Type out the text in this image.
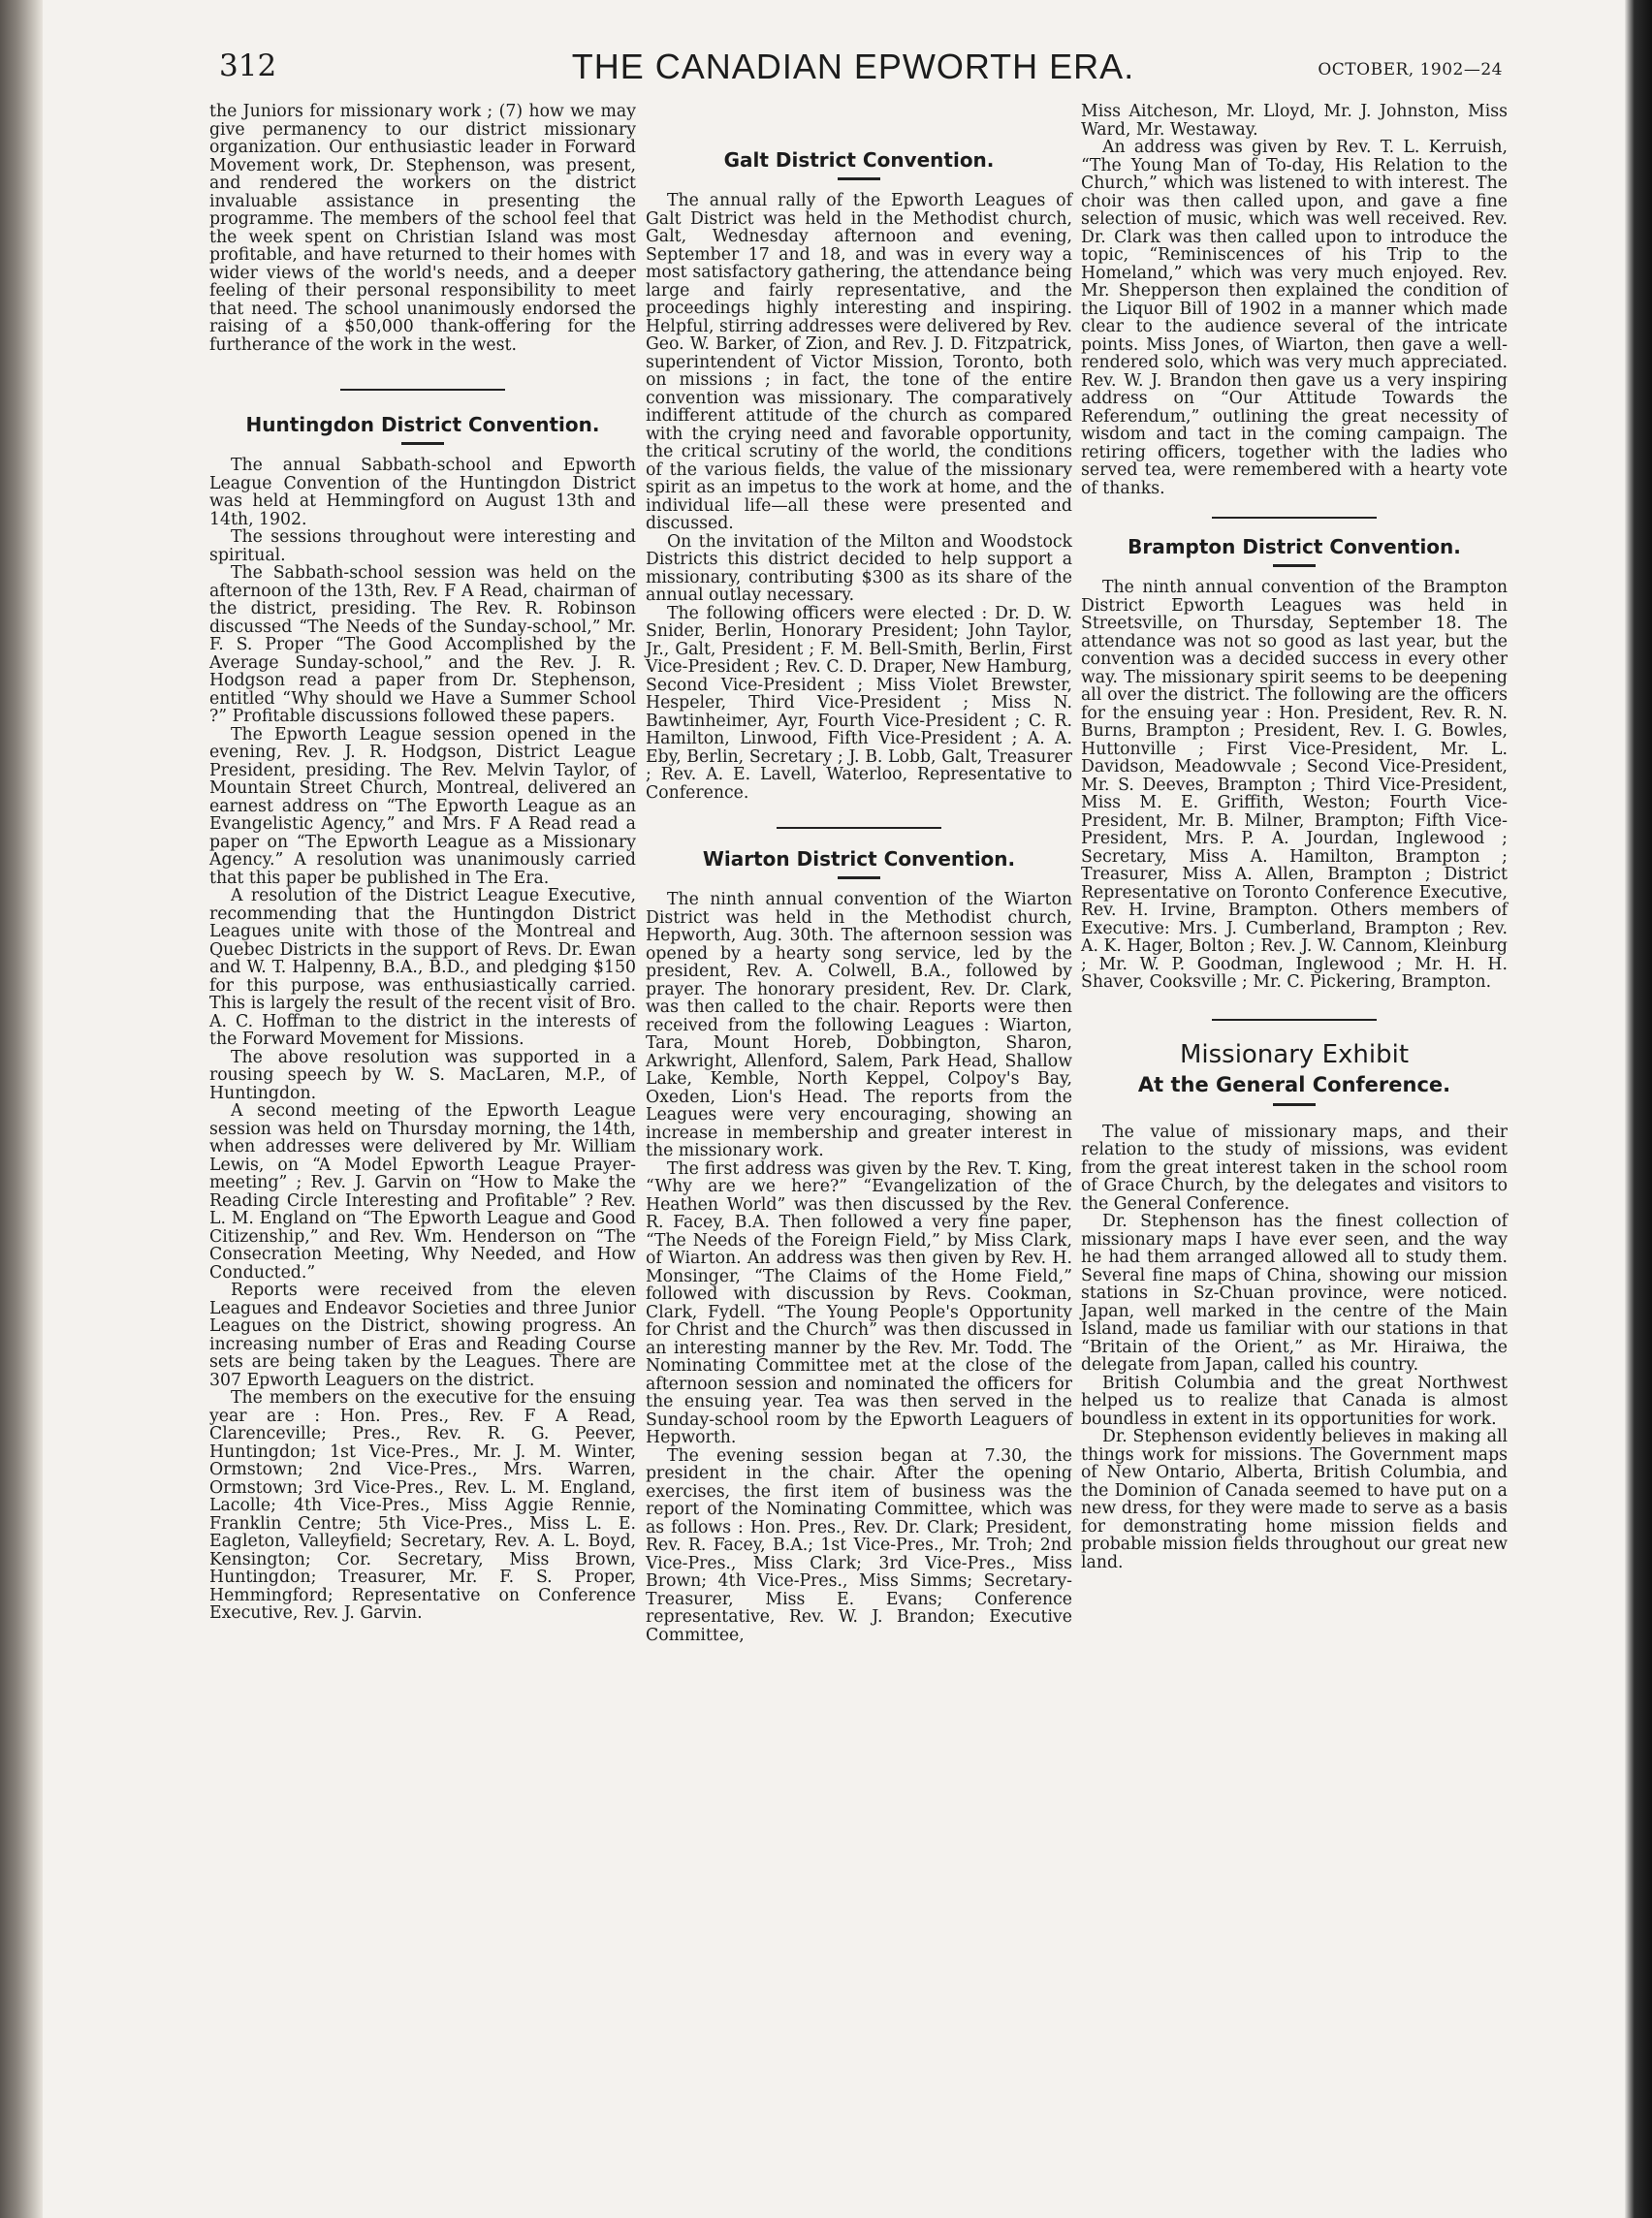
312	THE CANADIAN EPWORTH ERA.	OCTOBER, 1902—24

the Juniors for missionary work ; (7) how we may give permanency to our district missionary organization. Our enthusiastic leader in Forward Movement work, Dr. Stephenson, was present, and rendered the workers on the district invaluable assistance in presenting the programme. The members of the school feel that the week spent on Christian Island was most profitable, and have returned to their homes with wider views of the world's needs, and a deeper feeling of their personal responsibility to meet that need. The school unanimously endorsed the raising of a $50,000 thank-offering for the furtherance of the work in the west.

Huntingdon District Convention.

The annual Sabbath-school and Epworth League Convention of the Huntingdon District was held at Hemmingford on August 13th and 14th, 1902.

The sessions throughout were interesting and spiritual.

The Sabbath-school session was held on the afternoon of the 13th, Rev. F A Read, chairman of the district, presiding. The Rev. R. Robinson discussed “The Needs of the Sunday-school,” Mr. F. S. Proper “The Good Accomplished by the Average Sunday-school,” and the Rev. J. R. Hodgson read a paper from Dr. Stephenson, entitled “Why should we Have a Summer School ?” Profitable discussions followed these papers.

The Epworth League session opened in the evening, Rev. J. R. Hodgson, District League President, presiding. The Rev. Melvin Taylor, of Mountain Street Church, Montreal, delivered an earnest address on “The Epworth League as an Evangelistic Agency,” and Mrs. F A Read read a paper on “The Epworth League as a Missionary Agency.” A resolution was unanimously carried that this paper be published in The Era.

A resolution of the District League Executive, recommending that the Huntingdon District Leagues unite with those of the Montreal and Quebec Districts in the support of Revs. Dr. Ewan and W. T. Halpenny, B.A., B.D., and pledging $150 for this purpose, was enthusiastically carried. This is largely the result of the recent visit of Bro. A. C. Hoffman to the district in the interests of the Forward Movement for Missions.

The above resolution was supported in a rousing speech by W. S. MacLaren, M.P., of Huntingdon.

A second meeting of the Epworth League session was held on Thursday morning, the 14th, when addresses were delivered by Mr. William Lewis, on “A Model Epworth League Prayer-meeting” ; Rev. J. Garvin on “How to Make the Reading Circle Interesting and Profitable” ? Rev. L. M. England on “The Epworth League and Good Citizenship,” and Rev. Wm. Henderson on “The Consecration Meeting, Why Needed, and How Conducted.”

Reports were received from the eleven Leagues and Endeavor Societies and three Junior Leagues on the District, showing progress. An increasing number of Eras and Reading Course sets are being taken by the Leagues. There are 307 Epworth Leaguers on the district.

The members on the executive for the ensuing year are : Hon. Pres., Rev. F A Read, Clarenceville; Pres., Rev. R. G. Peever, Huntingdon; 1st Vice-Pres., Mr. J. M. Winter, Ormstown; 2nd Vice-Pres., Mrs. Warren, Ormstown; 3rd Vice-Pres., Rev. L. M. England, Lacolle; 4th Vice-Pres., Miss Aggie Rennie, Franklin Centre; 5th Vice-Pres., Miss L. E. Eagleton, Valleyfield; Secretary, Rev. A. L. Boyd, Kensington; Cor. Secretary, Miss Brown, Huntingdon; Treasurer, Mr. F. S. Proper, Hemmingford; Representative on Conference Executive, Rev. J. Garvin.

Galt District Convention.

The annual rally of the Epworth Leagues of Galt District was held in the Methodist church, Galt, Wednesday afternoon and evening, September 17 and 18, and was in every way a most satisfactory gathering, the attendance being large and fairly representative, and the proceedings highly interesting and inspiring. Helpful, stirring addresses were delivered by Rev. Geo. W. Barker, of Zion, and Rev. J. D. Fitzpatrick, superintendent of Victor Mission, Toronto, both on missions ; in fact, the tone of the entire convention was missionary. The comparatively indifferent attitude of the church as compared with the crying need and favorable opportunity, the critical scrutiny of the world, the conditions of the various fields, the value of the missionary spirit as an impetus to the work at home, and the individual life—all these were presented and discussed.

On the invitation of the Milton and Woodstock Districts this district decided to help support a missionary, contributing $300 as its share of the annual outlay necessary.

The following officers were elected : Dr. D. W. Snider, Berlin, Honorary President; John Taylor, Jr., Galt, President ; F. M. Bell-Smith, Berlin, First Vice-President ; Rev. C. D. Draper, New Hamburg, Second Vice-President ; Miss Violet Brewster, Hespeler, Third Vice-President ; Miss N. Bawtinheimer, Ayr, Fourth Vice-President ; C. R. Hamilton, Linwood, Fifth Vice-President ; A. A. Eby, Berlin, Secretary ; J. B. Lobb, Galt, Treasurer ; Rev. A. E. Lavell, Waterloo, Representative to Conference.

Wiarton District Convention.

The ninth annual convention of the Wiarton District was held in the Methodist church, Hepworth, Aug. 30th. The afternoon session was opened by a hearty song service, led by the president, Rev. A. Colwell, B.A., followed by prayer. The honorary president, Rev. Dr. Clark, was then called to the chair. Reports were then received from the following Leagues : Wiarton, Tara, Mount Horeb, Dobbington, Sharon, Arkwright, Allenford, Salem, Park Head, Shallow Lake, Kemble, North Keppel, Colpoy's Bay, Oxeden, Lion's Head. The reports from the Leagues were very encouraging, showing an increase in membership and greater interest in the missionary work.

The first address was given by the Rev. T. King, “Why are we here?” “Evangelization of the Heathen World” was then discussed by the Rev. R. Facey, B.A. Then followed a very fine paper, “The Needs of the Foreign Field,” by Miss Clark, of Wiarton. An address was then given by Rev. H. Monsinger, “The Claims of the Home Field,” followed with discussion by Revs. Cookman, Clark, Fydell. “The Young People's Opportunity for Christ and the Church” was then discussed in an interesting manner by the Rev. Mr. Todd. The Nominating Committee met at the close of the afternoon session and nominated the officers for the ensuing year. Tea was then served in the Sunday-school room by the Epworth Leaguers of Hepworth.

The evening session began at 7.30, the president in the chair. After the opening exercises, the first item of business was the report of the Nominating Committee, which was as follows : Hon. Pres., Rev. Dr. Clark; President, Rev. R. Facey, B.A.; 1st Vice-Pres., Mr. Troh; 2nd Vice-Pres., Miss Clark; 3rd Vice-Pres., Miss Brown; 4th Vice-Pres., Miss Simms; Secretary-Treasurer, Miss E. Evans; Conference representative, Rev. W. J. Brandon; Executive Committee,

Miss Aitcheson, Mr. Lloyd, Mr. J. Johnston, Miss Ward, Mr. Westaway.

An address was given by Rev. T. L. Kerruish, “The Young Man of To-day, His Relation to the Church,” which was listened to with interest. The choir was then called upon, and gave a fine selection of music, which was well received. Rev. Dr. Clark was then called upon to introduce the topic, “Reminiscences of his Trip to the Homeland,” which was very much enjoyed. Rev. Mr. Shepperson then explained the condition of the Liquor Bill of 1902 in a manner which made clear to the audience several of the intricate points. Miss Jones, of Wiarton, then gave a well-rendered solo, which was very much appreciated. Rev. W. J. Brandon then gave us a very inspiring address on “Our Attitude Towards the Referendum,” outlining the great necessity of wisdom and tact in the coming campaign. The retiring officers, together with the ladies who served tea, were remembered with a hearty vote of thanks.

Brampton District Convention.

The ninth annual convention of the Brampton District Epworth Leagues was held in Streetsville, on Thursday, September 18. The attendance was not so good as last year, but the convention was a decided success in every other way. The missionary spirit seems to be deepening all over the district. The following are the officers for the ensuing year : Hon. President, Rev. R. N. Burns, Brampton ; President, Rev. I. G. Bowles, Huttonville ; First Vice-President, Mr. L. Davidson, Meadowvale ; Second Vice-President, Mr. S. Deeves, Brampton ; Third Vice-President, Miss M. E. Griffith, Weston; Fourth Vice-President, Mr. B. Milner, Brampton; Fifth Vice-President, Mrs. P. A. Jourdan, Inglewood ; Secretary, Miss A. Hamilton, Brampton ; Treasurer, Miss A. Allen, Brampton ; District Representative on Toronto Conference Executive, Rev. H. Irvine, Brampton. Others members of Executive: Mrs. J. Cumberland, Brampton ; Rev. A. K. Hager, Bolton ; Rev. J. W. Cannom, Kleinburg ; Mr. W. P. Goodman, Inglewood ; Mr. H. H. Shaver, Cooksville ; Mr. C. Pickering, Brampton.

Missionary Exhibit
At the General Conference.

The value of missionary maps, and their relation to the study of missions, was evident from the great interest taken in the school room of Grace Church, by the delegates and visitors to the General Conference.

Dr. Stephenson has the finest collection of missionary maps I have ever seen, and the way he had them arranged allowed all to study them. Several fine maps of China, showing our mission stations in Sz-Chuan province, were noticed. Japan, well marked in the centre of the Main Island, made us familiar with our stations in that “Britain of the Orient,” as Mr. Hiraiwa, the delegate from Japan, called his country.

British Columbia and the great Northwest helped us to realize that Canada is almost boundless in extent in its opportunities for work.

Dr. Stephenson evidently believes in making all things work for missions. The Government maps of New Ontario, Alberta, British Columbia, and the Dominion of Canada seemed to have put on a new dress, for they were made to serve as a basis for demonstrating home mission fields and probable mission fields throughout our great new land.
